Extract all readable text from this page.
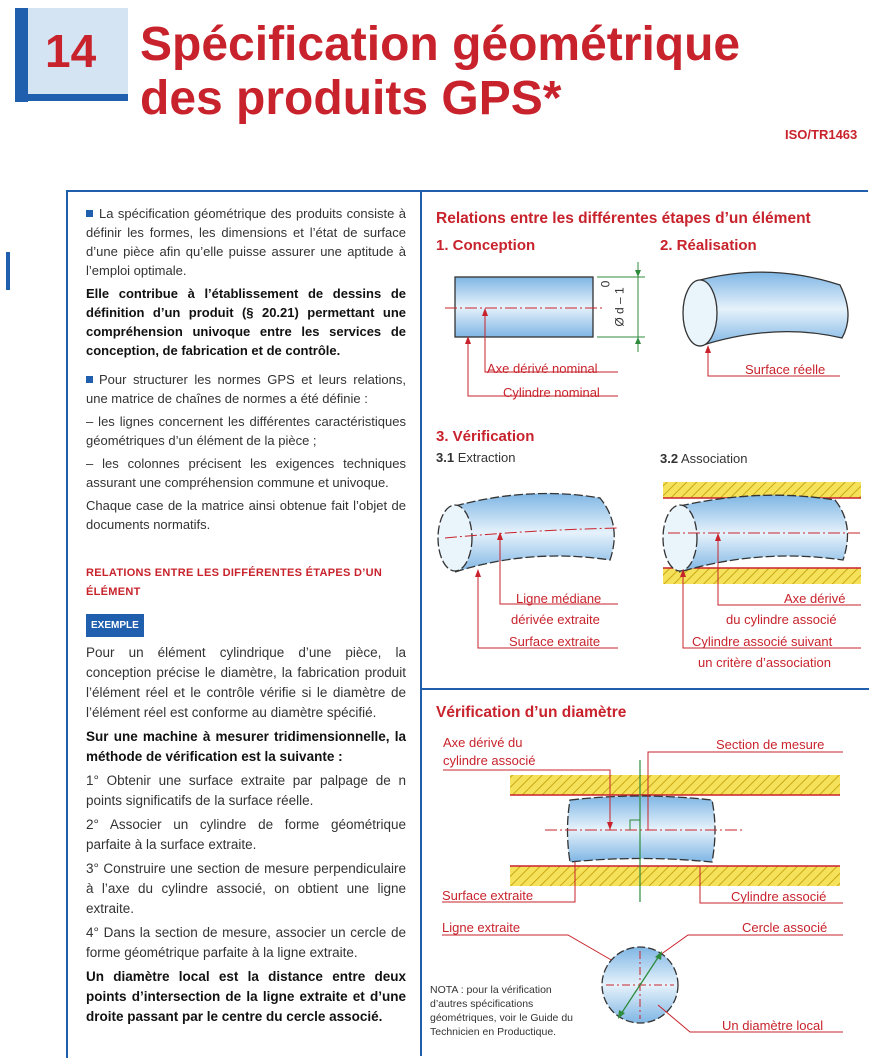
14 Spécification géométrique
des produits GPS*
ISO/TR1463

La spécification géométrique des produits consiste à définir les formes, les dimensions et l’état de surface d’une pièce afin qu’elle puisse assurer une aptitude à l’emploi optimale.

Elle contribue à l’établissement de dessins de définition d’un produit (§ 20.21) permettant une compréhension univoque entre les services de conception, de fabrication et de contrôle.

Pour structurer les normes GPS et leurs relations, une matrice de chaînes de normes a été définie :

– les lignes concernent les différentes caractéristiques géométriques d’un élément de la pièce ;

– les colonnes précisent les exigences techniques assurant une compréhension commune et univoque.

Chaque case de la matrice ainsi obtenue fait l’objet de documents normatifs.

RELATIONS ENTRE LES DIFFÉRENTES ÉTAPES D’UN ÉLÉMENT
EXEMPLE

Pour un élément cylindrique d’une pièce, la conception précise le diamètre, la fabrication produit l’élément réel et le contrôle vérifie si le diamètre de l’élément réel est conforme au diamètre spécifié.

Sur une machine à mesurer tridimensionnelle, la méthode de vérification est la suivante :

1° Obtenir une surface extraite par palpage de n points significatifs de la surface réelle.

2° Associer un cylindre de forme géométrique parfaite à la surface extraite.

3° Construire une section de mesure perpendiculaire à l’axe du cylindre associé, on obtient une ligne extraite.

4° Dans la section de mesure, associer un cercle de forme géométrique parfaite à la ligne extraite.

Un diamètre local est la distance entre deux points d’intersection de la ligne extraite et d’une droite passant par le centre du cercle associé.

Relations entre les différentes étapes d’un élément
1. Conception	2. Réalisation
3. Vérification
3.1 Extraction	3.2 Association
Vérification d’un diamètre
Axe dérivé nominal
Cylindre nominal
Surface réelle
Ligne médiane
dérivée extraite
Surface extraite
Axe dérivé
du cylindre associé
Cylindre associé suivant
un critère d’association
Axe dérivé du
cylindre associé
Section de mesure
Surface extraite	Cylindre associé
Ligne extraite	Cercle associé
Un diamètre local
NOTA : pour la vérification d’autres spécifications géométriques, voir le Guide du Technicien en Productique.
0
Ø d – 1
